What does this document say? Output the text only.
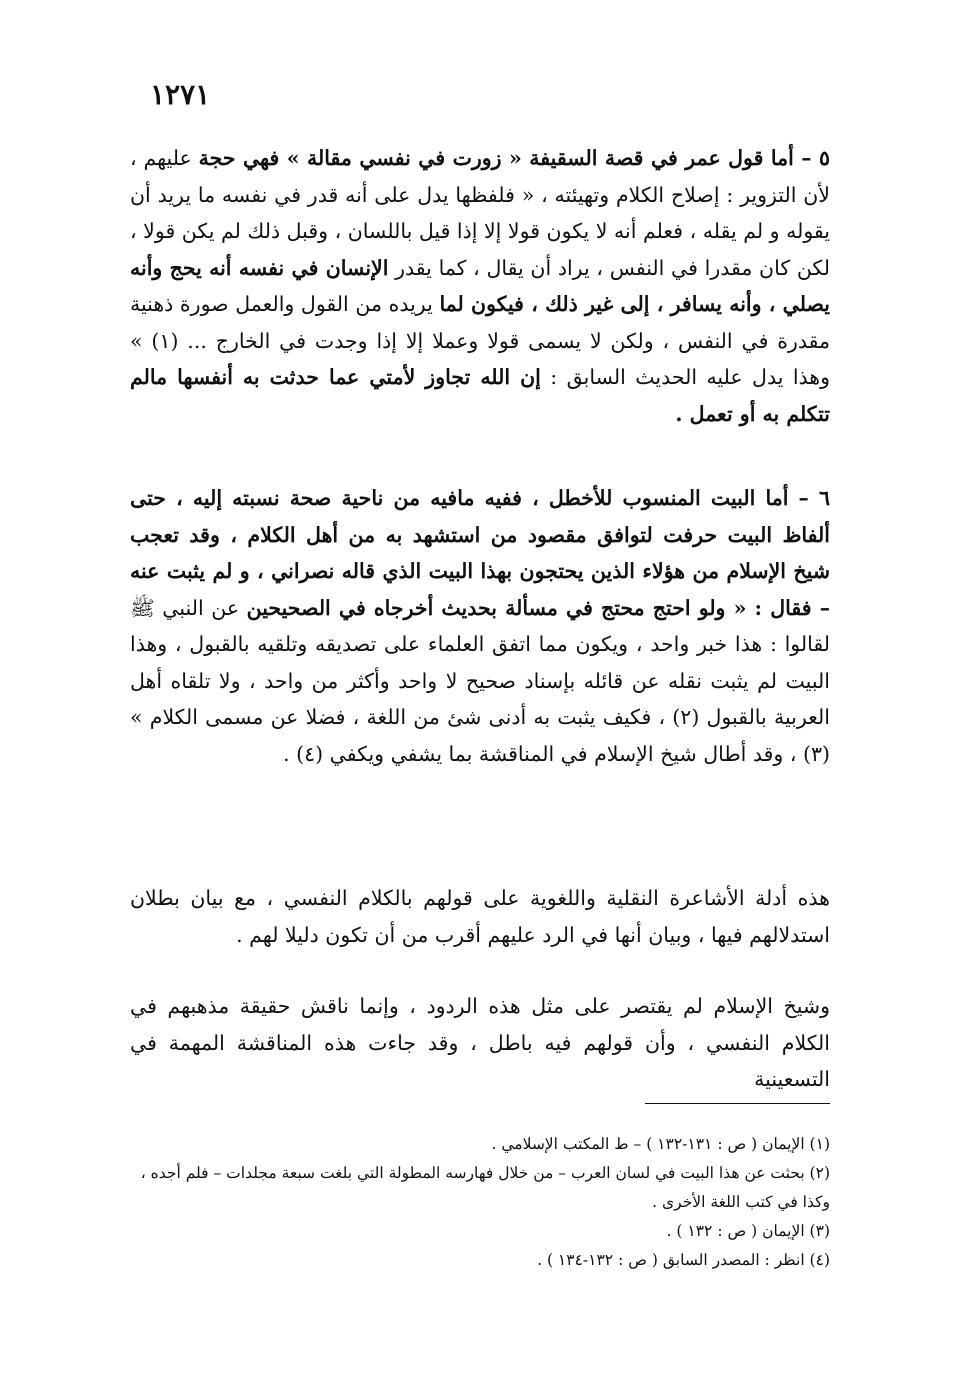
١٢٧١

٥ – أما قول عمر في قصة السقيفة « زورت في نفسي مقالة » فهي حجة عليهم ، لأن التزوير : إصلاح الكلام وتهيئته ، « فلفظها يدل على أنه قدر في نفسه ما يريد أن يقوله و لم يقله ، فعلم أنه لا يكون قولا إلا إذا قيل باللسان ، وقبل ذلك لم يكن قولا ، لكن كان مقدرا في النفس ، يراد أن يقال ، كما يقدر الإنسان في نفسه أنه يحج وأنه يصلي ، وأنه يسافر ، إلى غير ذلك ، فيكون لما يريده من القول والعمل صورة ذهنية مقدرة في النفس ، ولكن لا يسمى قولا وعملا إلا إذا وجدت في الخارج ... (١) » وهذا يدل عليه الحديث السابق : إن الله تجاوز لأمتي عما حدثت به أنفسها مالم تتكلم به أو تعمل .

٦ – أما البيت المنسوب للأخطل ، ففيه مافيه من ناحية صحة نسبته إليه ، حتى ألفاظ البيت حرفت لتوافق مقصود من استشهد به من أهل الكلام ، وقد تعجب شيخ الإسلام من هؤلاء الذين يحتجون بهذا البيت الذي قاله نصراني ، و لم يثبت عنه – فقال : « ولو احتج محتج في مسألة بحديث أخرجاه في الصحيحين عن النبي ﷺ لقالوا : هذا خبر واحد ، ويكون مما اتفق العلماء على تصديقه وتلقيه بالقبول ، وهذا البيت لم يثبت نقله عن قائله بإسناد صحيح لا واحد وأكثر من واحد ، ولا تلقاه أهل العربية بالقبول (٢) ، فكيف يثبت به أدنى شئ من اللغة ، فضلا عن مسمى الكلام » (٣) ، وقد أطال شيخ الإسلام في المناقشة بما يشفي ويكفي (٤) .

هذه أدلة الأشاعرة النقلية واللغوية على قولهم بالكلام النفسي ، مع بيان بطلان استدلالهم فيها ، وبيان أنها في الرد عليهم أقرب من أن تكون دليلا لهم .

وشيخ الإسلام لم يقتصر على مثل هذه الردود ، وإنما ناقش حقيقة مذهبهم في الكلام النفسي ، وأن قولهم فيه باطل ، وقد جاءت هذه المناقشة المهمة في التسعينية

(١) الإيمان ( ص : ١٣١-١٣٢ ) – ط المكتب الإسلامي .

(٢) بحثت عن هذا البيت في لسان العرب – من خلال فهارسه المطولة التي بلغت سبعة مجلدات – فلم أجده ، وكذا في كتب اللغة الأخرى .

(٣) الإيمان ( ص : ١٣٢ ) .

(٤) انظر : المصدر السابق ( ص : ١٣٢-١٣٤ ) .
